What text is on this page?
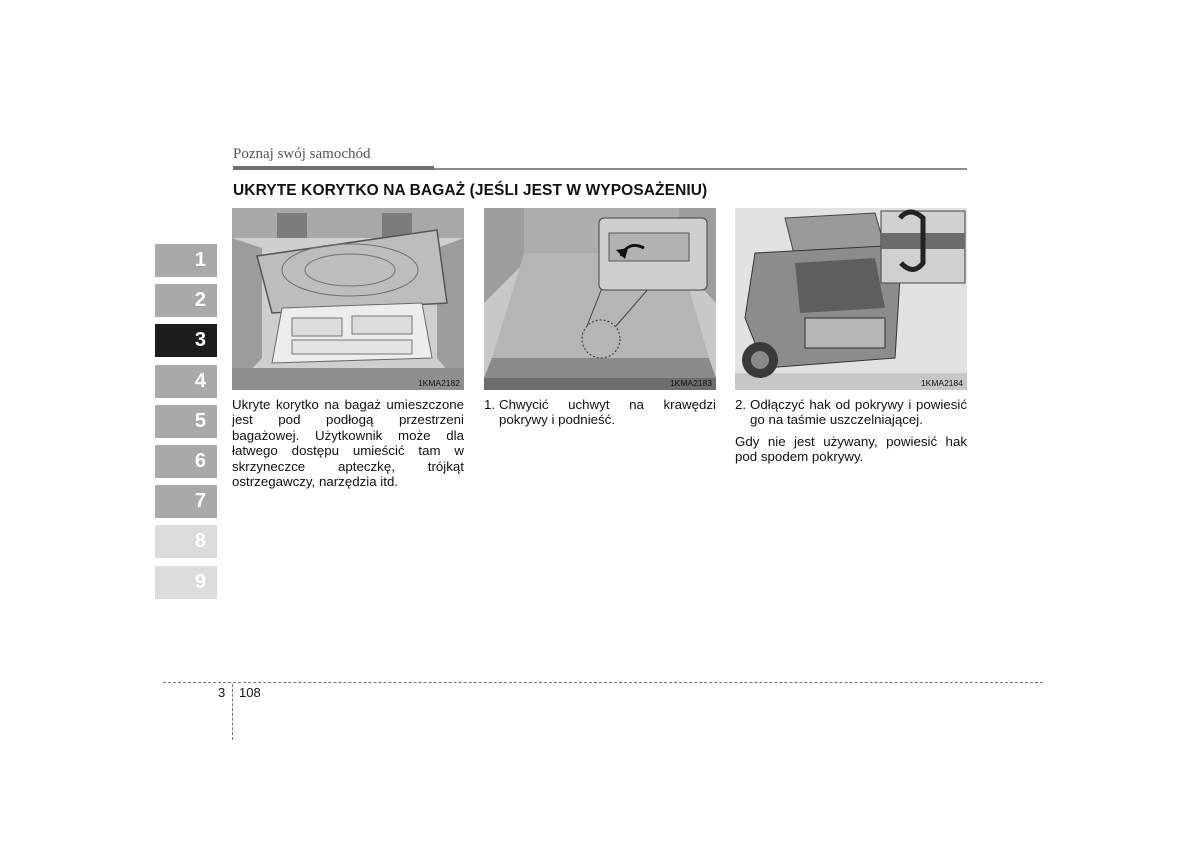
Poznaj swój samochód
UKRYTE KORYTKO NA BAGAŻ (JEŚLI JEST W WYPOSAŻENIU)
1
2
3
4
5
6
7
8
9
1KMA2182

Ukryte korytko na bagaż umieszczone jest pod podłogą przestrzeni bagażowej. Użytkownik może dla łatwego dostępu umieścić tam w skrzyneczce apteczkę, trójkąt ostrzegawczy, narzędzia itd.

1KMA2183
1. Chwycić uchwyt na krawędzi pokrywy i podnieść.
1KMA2184
2. Odłączyć hak od pokrywy i powiesić go na taśmie uszczelniającej.

Gdy nie jest używany, powiesić hak pod spodem pokrywy.

3 108
